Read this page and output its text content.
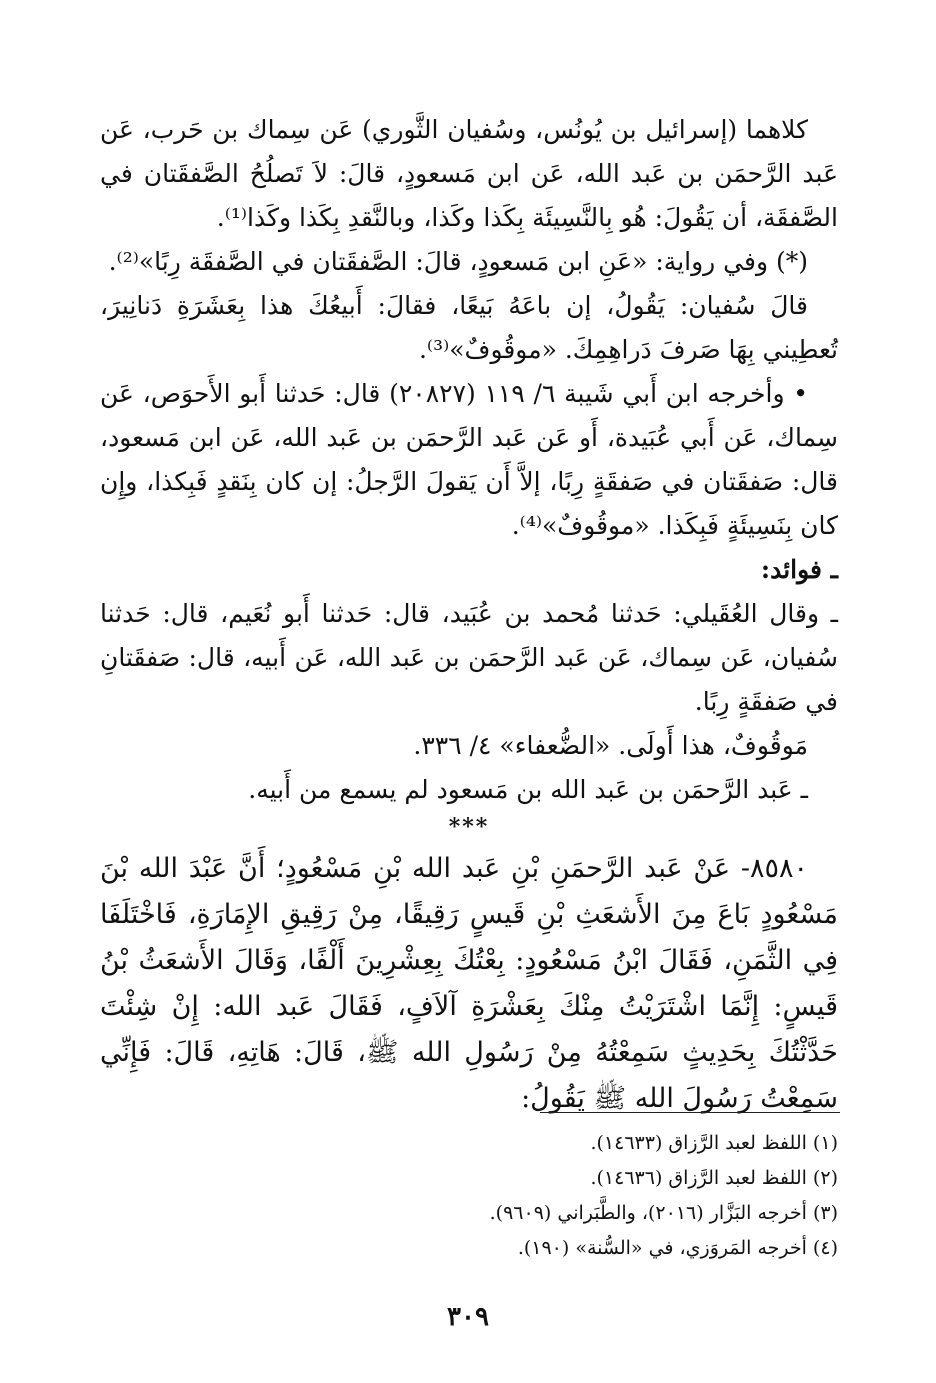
كلاهما (إسرائيل بن يُونُس، وسُفيان الثَّوري) عَن سِماك بن حَرب، عَن عَبد الرَّحمَن بن عَبد الله، عَن ابن مَسعودٍ، قالَ: لاَ تَصلُحُ الصَّفقَتان في الصَّفقَة، أن يَقُولَ: هُو بِالنَّسِيئَة بِكَذا وكَذا، وبالنَّقدِ بِكَذا وكَذا⁽¹⁾.

(*) وفي رواية: «عَنِ ابن مَسعودٍ، قالَ: الصَّفقَتان في الصَّفقَة رِبًا»⁽²⁾.

قالَ سُفيان: يَقُولُ، إن باعَهُ بَيعًا، فقالَ: أَبيعُكَ هذا بِعَشَرَةِ دَنانِيرَ، تُعطِيني بِهَا صَرفَ دَراهِمِكَ. «موقُوفٌ»⁽³⁾.

• وأخرجه ابن أَبي شَيبة ٦/ ١١٩ (٢٠٨٢٧) قال: حَدثنا أَبو الأَحوَص، عَن سِماك، عَن أَبي عُبَيدة، أَو عَن عَبد الرَّحمَن بن عَبد الله، عَن ابن مَسعود، قال: صَفقَتان في صَفقَةٍ رِبًا، إلاَّ أَن يَقولَ الرَّجلُ: إن كان بِنَقدٍ فَبِكذا، وإِن كان بِنَسِيئَةٍ فَبِكَذا. «موقُوفٌ»⁽⁴⁾.

ـ فوائد:

ـ وقال العُقَيلي: حَدثنا مُحمد بن عُبَيد، قال: حَدثنا أَبو نُعَيم، قال: حَدثنا سُفيان، عَن سِماك، عَن عَبد الرَّحمَن بن عَبد الله، عَن أَبيه، قال: صَفقَتانِ في صَفقَةٍ رِبًا.

مَوقُوفٌ، هذا أَولَى. «الضُّعفاء» ٤/ ٣٣٦.

ـ عَبد الرَّحمَن بن عَبد الله بن مَسعود لم يسمع من أَبيه.

***

٨٥٨٠- عَنْ عَبد الرَّحمَنِ بْنِ عَبد الله بْنِ مَسْعُودٍ؛ أَنَّ عَبْدَ الله بْنَ مَسْعُودٍ بَاعَ مِنَ الأَشعَثِ بْنِ قَيسٍ رَقِيقًا، مِنْ رَقِيقِ الإِمَارَةِ، فَاخْتَلَفَا فِي الثَّمَنِ، فَقَالَ ابْنُ مَسْعُودٍ: بِعْتُكَ بِعِشْرِينَ أَلْفًا، وَقَالَ الأَشعَثُ بْنُ قَيسٍ: إِنَّمَا اشْتَرَيْتُ مِنْكَ بِعَشْرَةِ آلاَفٍ، فَقَالَ عَبد الله: إِنْ شِئْتَ حَدَّثْتُكَ بِحَدِيثٍ سَمِعْتُهُ مِنْ رَسُولِ الله ﷺ، قَالَ: هَاتِهِ، قَالَ: فَإِنِّي سَمِعْتُ رَسُولَ الله ﷺ يَقُولُ:

(١) اللفظ لعبد الرَّزاق (١٤٦٣٣).

(٢) اللفظ لعبد الرَّزاق (١٤٦٣٦).

(٣) أخرجه البَزَّار (٢٠١٦)، والطَّبَراني (٩٦٠٩).

(٤) أخرجه المَروَزي، في «السُّنة» (١٩٠).

٣٠٩
